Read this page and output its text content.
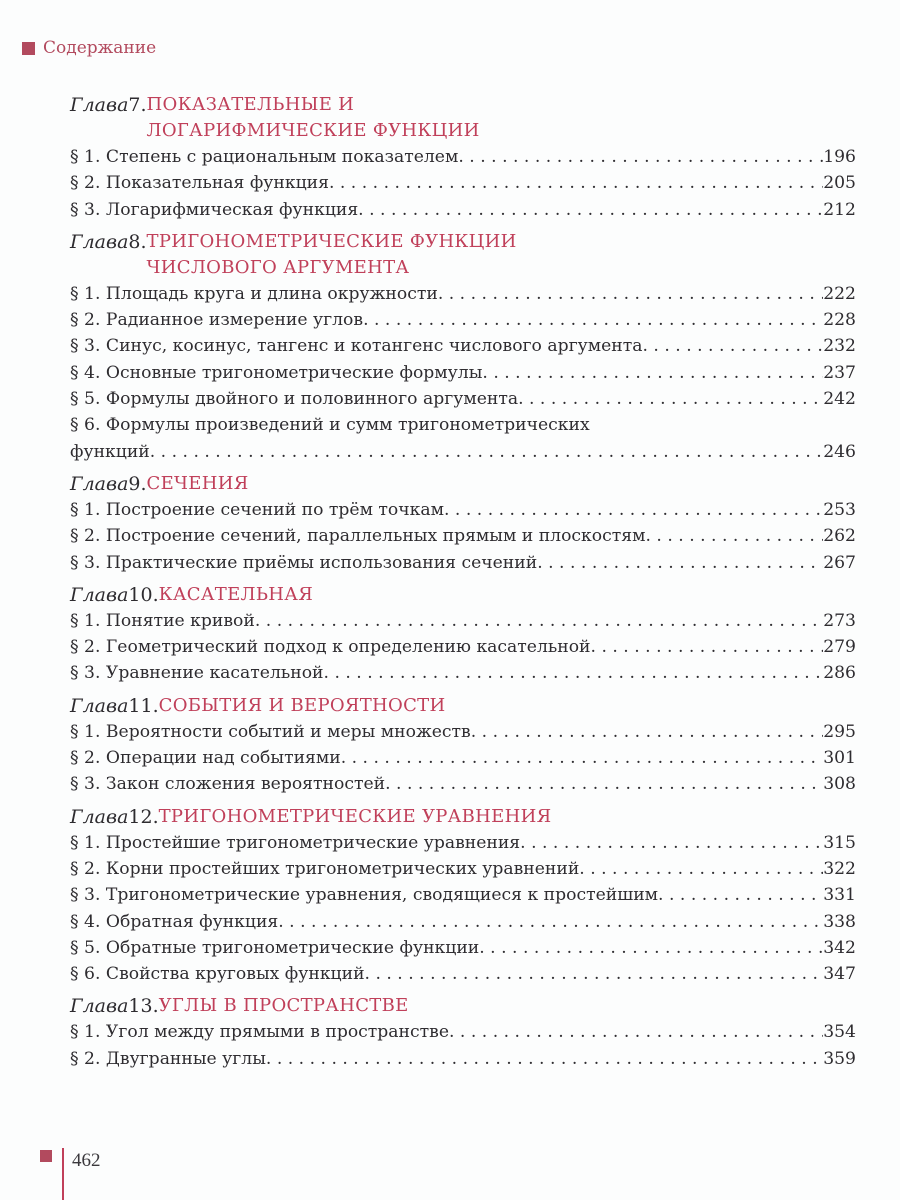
Содержание
Глава 7. ПОКАЗАТЕЛЬНЫЕ И
ЛОГАРИФМИЧЕСКИЕ ФУНКЦИИ
§ 1. Степень с рациональным показателем . . .	196
§ 2. Показательная функция . . .	205
§ 3. Логарифмическая функция . . .	212
Глава 8. ТРИГОНОМЕТРИЧЕСКИЕ ФУНКЦИИ
ЧИСЛОВОГО АРГУМЕНТА
§ 1. Площадь круга и длина окружности . . .	222
§ 2. Радианное измерение углов . . .	228
§ 3. Синус, косинус, тангенс и котангенс числового аргумента . . .	232
§ 4. Основные тригонометрические формулы . . .	237
§ 5. Формулы двойного и половинного аргумента . . .	242
§ 6. Формулы произведений и сумм тригонометрических
функций . . .	246
Глава 9. СЕЧЕНИЯ
§ 1. Построение сечений по трём точкам . . .	253
§ 2. Построение сечений, параллельных прямым и плоскостям . . .	262
§ 3. Практические приёмы использования сечений . . .	267
Глава 10. КАСАТЕЛЬНАЯ
§ 1. Понятие кривой . . .	273
§ 2. Геометрический подход к определению касательной . . .	279
§ 3. Уравнение касательной . . .	286
Глава 11. СОБЫТИЯ И ВЕРОЯТНОСТИ
§ 1. Вероятности событий и меры множеств . . .	295
§ 2. Операции над событиями . . .	301
§ 3. Закон сложения вероятностей . . .	308
Глава 12. ТРИГОНОМЕТРИЧЕСКИЕ УРАВНЕНИЯ
§ 1. Простейшие тригонометрические уравнения . . .	315
§ 2. Корни простейших тригонометрических уравнений . . .	322
§ 3. Тригонометрические уравнения, сводящиеся к простейшим . . .	331
§ 4. Обратная функция . . .	338
§ 5. Обратные тригонометрические функции . . .	342
§ 6. Свойства круговых функций . . .	347
Глава 13. УГЛЫ В ПРОСТРАНСТВЕ
§ 1. Угол между прямыми в пространстве . . .	354
§ 2. Двугранные углы . . .	359
462
